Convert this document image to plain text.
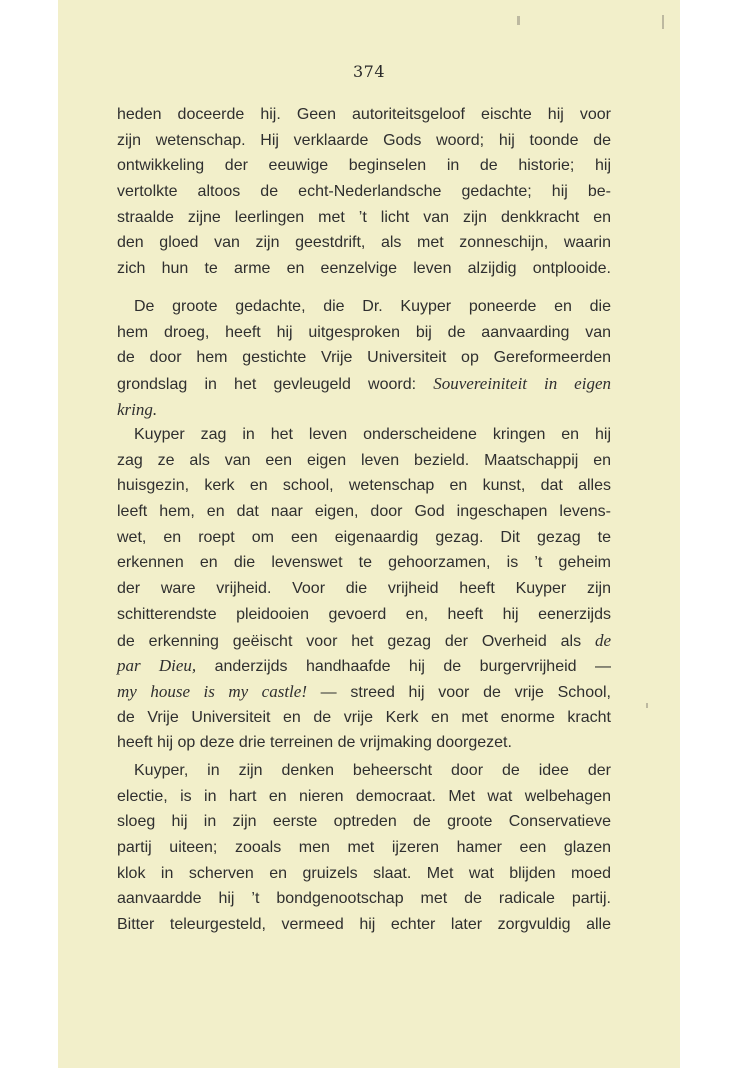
374
heden doceerde hij. Geen autoriteitsgeloof eischte hij voor
zijn wetenschap. Hij verklaarde Gods woord; hij toonde de
ontwikkeling der eeuwige beginselen in de historie; hij
vertolkte altoos de echt-Nederlandsche gedachte; hij be-
straalde zijne leerlingen met ’t licht van zijn denkkracht en
den gloed van zijn geestdrift, als met zonneschijn, waarin
zich hun te arme en eenzelvige leven alzijdig ontplooide.
De groote gedachte, die Dr. Kuyper poneerde en die
hem droeg, heeft hij uitgesproken bij de aanvaarding van
de door hem gestichte Vrije Universiteit op Gereformeerden
grondslag in het gevleugeld woord: Souvereiniteit in eigen
kring.
Kuyper zag in het leven onderscheidene kringen en hij
zag ze als van een eigen leven bezield. Maatschappij en
huisgezin, kerk en school, wetenschap en kunst, dat alles
leeft hem, en dat naar eigen, door God ingeschapen levens-
wet, en roept om een eigenaardig gezag. Dit gezag te
erkennen en die levenswet te gehoorzamen, is ’t geheim
der ware vrijheid. Voor die vrijheid heeft Kuyper zijn
schitterendste pleidooien gevoerd en, heeft hij eenerzijds
de erkenning geëischt voor het gezag der Overheid als de
par Dieu, anderzijds handhaafde hij de burgervrijheid —
my house is my castle! — streed hij voor de vrije School,
de Vrije Universiteit en de vrije Kerk en met enorme kracht
heeft hij op deze drie terreinen de vrijmaking doorgezet.
Kuyper, in zijn denken beheerscht door de idee der
electie, is in hart en nieren democraat. Met wat welbehagen
sloeg hij in zijn eerste optreden de groote Conservatieve
partij uiteen; zooals men met ijzeren hamer een glazen
klok in scherven en gruizels slaat. Met wat blijden moed
aanvaardde hij ’t bondgenootschap met de radicale partij.
Bitter teleurgesteld, vermeed hij echter later zorgvuldig alle
